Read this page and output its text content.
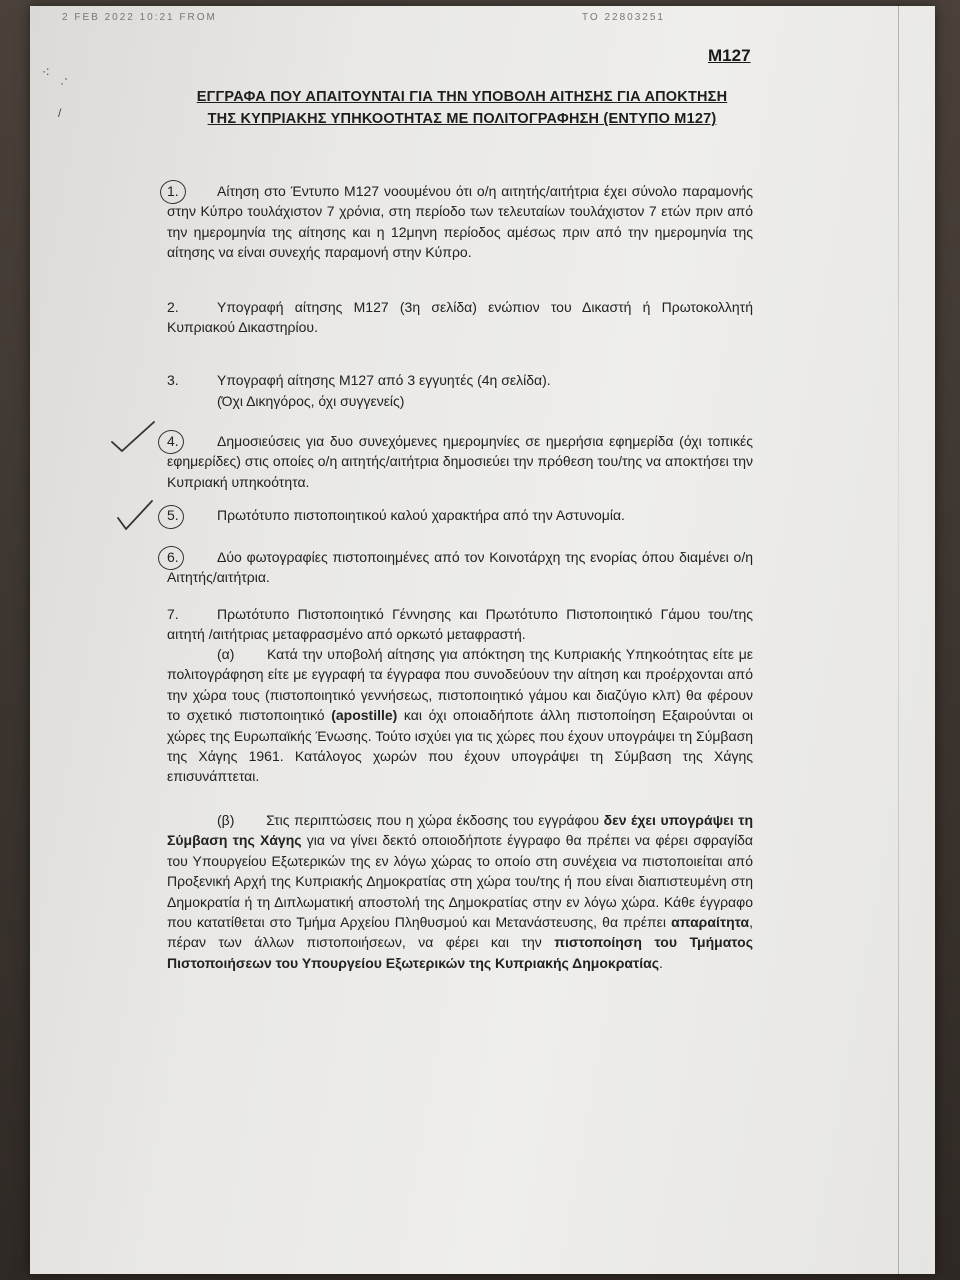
2 FEB 2022 10:21 FROM	TO 22803251
M127
ΕΓΓΡΑΦΑ ΠΟΥ ΑΠΑΙΤΟΥΝΤΑΙ ΓΙΑ ΤΗΝ ΥΠΟΒΟΛΗ ΑΙΤΗΣΗΣ ΓΙΑ ΑΠΟΚΤΗΣΗ
ΤΗΣ ΚΥΠΡΙΑΚΗΣ ΥΠΗΚΟΟΤΗΤΑΣ ΜΕ ΠΟΛΙΤΟΓΡΑΦΗΣΗ (ΕΝΤΥΠΟ Μ127)
·:
·ˋ
/
1.	Αίτηση στο Έντυπο Μ127 νοουμένου ότι ο/η αιτητής/αιτήτρια έχει σύνολο παραμονής στην Κύπρο τουλάχιστον 7 χρόνια, στη περίοδο των τελευταίων τουλάχιστον 7 ετών πριν από την ημερομηνία της αίτησης και η 12μηνη περίοδος αμέσως πριν από την ημερομηνία της αίτησης να είναι συνεχής παραμονή στην Κύπρο.

2.	Υπογραφή αίτησης Μ127 (3η σελίδα) ενώπιον του Δικαστή ή Πρωτοκολλητή Κυπριακού Δικαστηρίου.

3.	Υπογραφή αίτησης Μ127 από 3 εγγυητές (4η σελίδα).

(Όχι Δικηγόρος, όχι συγγενείς)

4.	Δημοσιεύσεις για δυο συνεχόμενες ημερομηνίες σε ημερήσια εφημερίδα (όχι τοπικές εφημερίδες) στις οποίες ο/η αιτητής/αιτήτρια δημοσιεύει την πρόθεση του/της να αποκτήσει την Κυπριακή υπηκοότητα.

5.	Πρωτότυπο πιστοποιητικού καλού χαρακτήρα από την Αστυνομία.

6.	Δύο φωτογραφίες πιστοποιημένες από τον Κοινοτάρχη της ενορίας όπου διαμένει ο/η Αιτητής/αιτήτρια.

7.	Πρωτότυπο Πιστοποιητικό Γέννησης και Πρωτότυπο Πιστοποιητικό Γάμου του/της αιτητή /αιτήτριας μεταφρασμένο από ορκωτό μεταφραστή.

(α) Κατά την υποβολή αίτησης για απόκτηση της Κυπριακής Υπηκοότητας είτε με πολιτογράφηση είτε με εγγραφή τα έγγραφα που συνοδεύουν την αίτηση και προέρχονται από την χώρα τους (πιστοποιητικό γεννήσεως, πιστοποιητικό γάμου και διαζύγιο κλπ) θα φέρουν το σχετικό πιστοποιητικό (apostille) και όχι οποιαδήποτε άλλη πιστοποίηση Εξαιρούνται οι χώρες της Ευρωπαϊκής Ένωσης. Τούτο ισχύει για τις χώρες που έχουν υπογράψει τη Σύμβαση της Χάγης 1961. Κατάλογος χωρών που έχουν υπογράψει τη Σύμβαση της Χάγης επισυνάπτεται.

(β) Στις περιπτώσεις που η χώρα έκδοσης του εγγράφου δεν έχει υπογράψει τη Σύμβαση της Χάγης για να γίνει δεκτό οποιοδήποτε έγγραφο θα πρέπει να φέρει σφραγίδα του Υπουργείου Εξωτερικών της εν λόγω χώρας το οποίο στη συνέχεια να πιστοποιείται από Προξενική Αρχή της Κυπριακής Δημοκρατίας στη χώρα του/της ή που είναι διαπιστευμένη στη Δημοκρατία ή τη Διπλωματική αποστολή της Δημοκρατίας στην εν λόγω χώρα. Κάθε έγγραφο που κατατίθεται στο Τμήμα Αρχείου Πληθυσμού και Μετανάστευσης, θα πρέπει απαραίτητα, πέραν των άλλων πιστοποιήσεων, να φέρει και την πιστοποίηση του Τμήματος Πιστοποιήσεων του Υπουργείου Εξωτερικών της Κυπριακής Δημοκρατίας.
